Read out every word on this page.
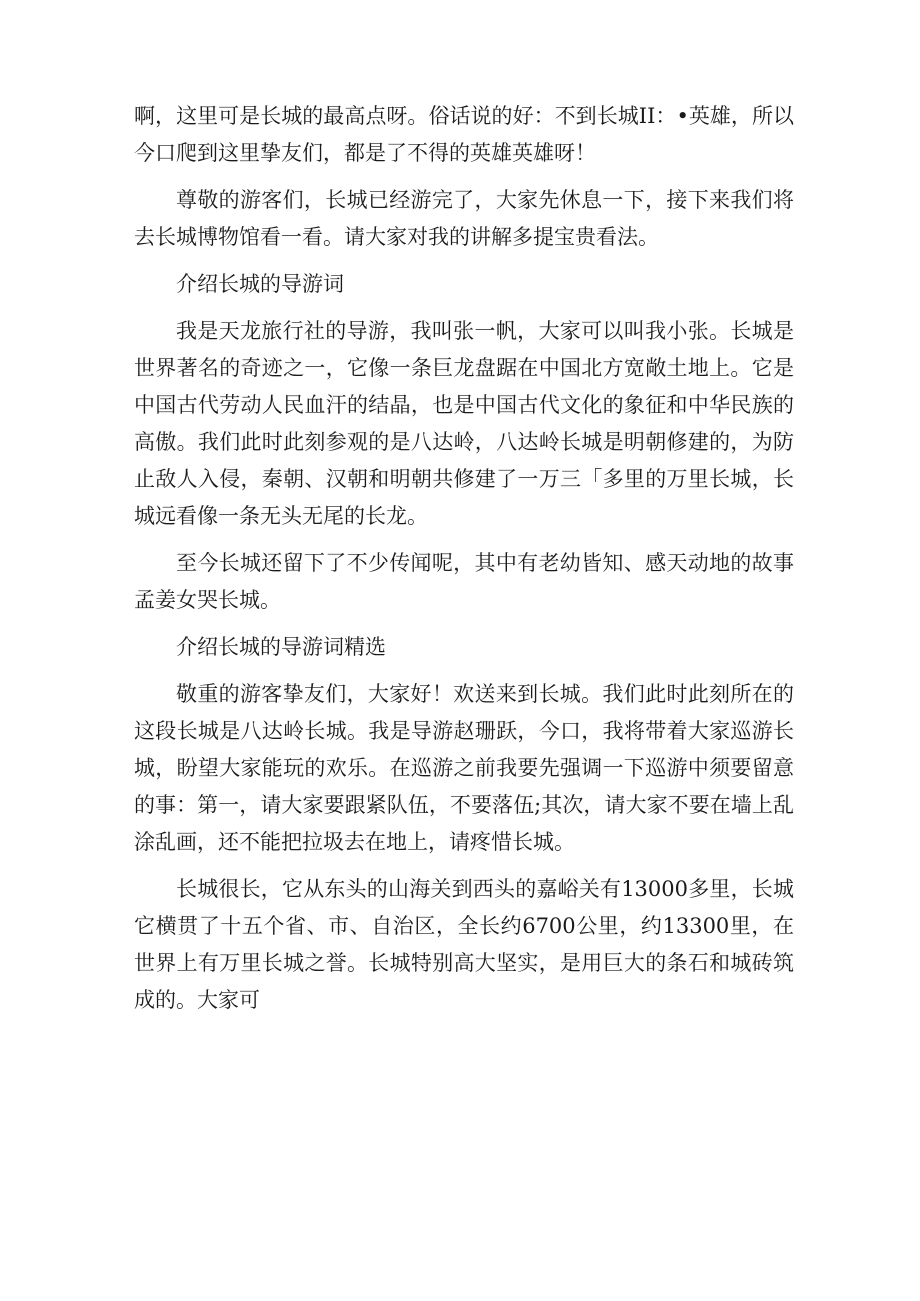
啊，这里可是长城的最高点呀。俗话说的好：不到长城II：•英雄，所以今口爬到这里挚友们，都是了不得的英雄英雄呀！

尊敬的游客们，长城已经游完了，大家先休息一下，接下来我们将去长城博物馆看一看。请大家对我的讲解多提宝贵看法。

介绍长城的导游词

我是天龙旅行社的导游，我叫张一帆，大家可以叫我小张。长城是世界著名的奇迹之一，它像一条巨龙盘踞在中国北方宽敞土地上。它是中国古代劳动人民血汗的结晶，也是中国古代文化的象征和中华民族的高傲。我们此时此刻参观的是八达岭，八达岭长城是明朝修建的，为防止敌人入侵，秦朝、汉朝和明朝共修建了一万三「多里的万里长城，长城远看像一条无头无尾的长龙。

至今长城还留下了不少传闻呢，其中有老幼皆知、感天动地的故事孟姜女哭长城。

介绍长城的导游词精选

敬重的游客挚友们，大家好！欢送来到长城。我们此时此刻所在的这段长城是八达岭长城。我是导游赵珊跃，今口，我将带着大家巡游长城，盼望大家能玩的欢乐。在巡游之前我要先强调一下巡游中须要留意的事：第一，请大家要跟紧队伍，不要落伍;其次，请大家不要在墙上乱涂乱画，还不能把拉圾去在地上，请疼惜长城。

长城很长，它从东头的山海关到西头的嘉峪关有13000多里，长城它横贯了十五个省、市、自治区，全长约6700公里，约13300里，在世界上有万里长城之誉。长城特别高大坚实，是用巨大的条石和城砖筑成的。大家可
